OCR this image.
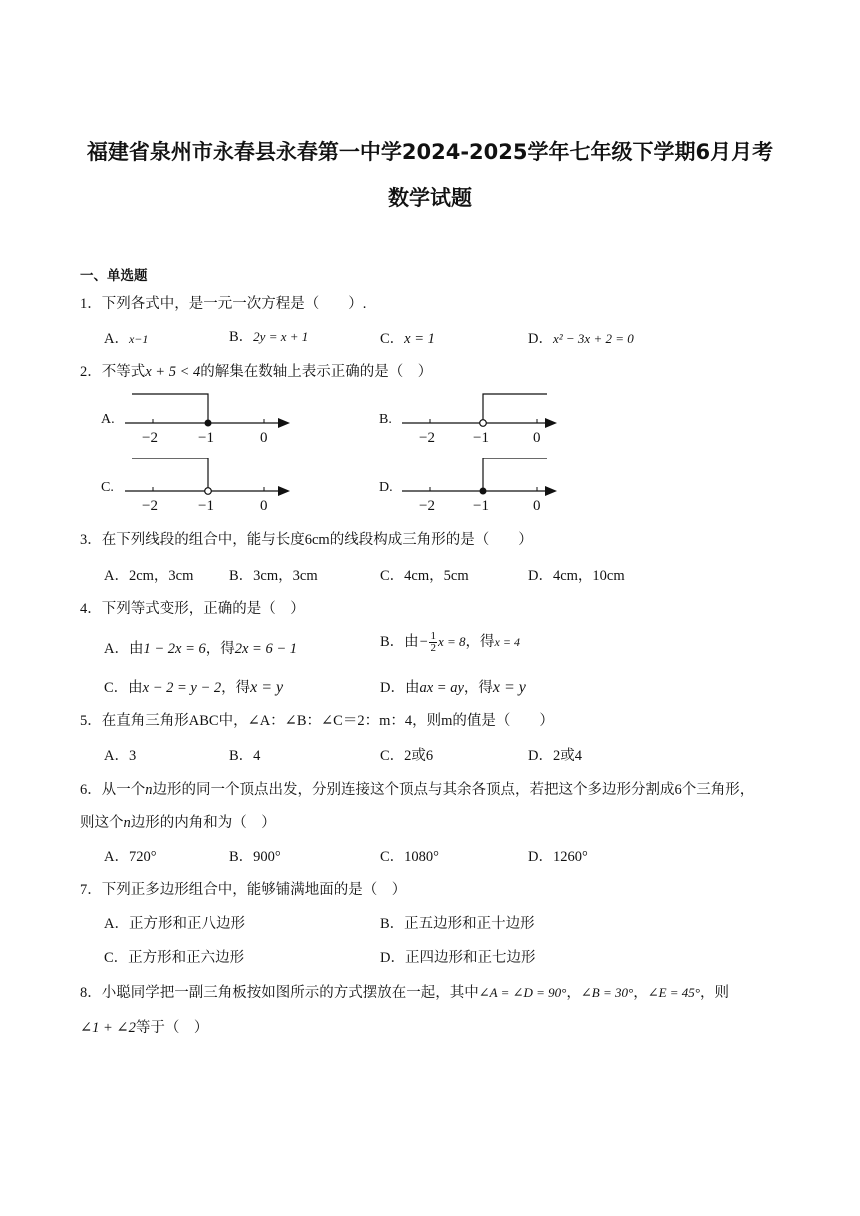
福建省泉州市永春县永春第一中学2024-2025学年七年级下学期6月月考
数学试题
一、单选题
1．下列各式中，是一元一次方程是（　　）.
A．x−1	B．2y = x + 1	C．x = 1	D．x² − 3x + 2 = 0
2．不等式x + 5 < 4的解集在数轴上表示正确的是（　）
A.
−2	−1	0
B.
−2	−1	0
C.
−2	−1	0
D.
−2	−1	0
3．在下列线段的组合中，能与长度6cm的线段构成三角形的是（　　）
A．2cm，3cm B．3cm，3cm	C．4cm，5cm	D．4cm，10cm
4．下列等式变形，正确的是（　）
A．由1 − 2x = 6，得2x = 6 − 1	B．由− $\frac{1}{2}$ x = 8，得x = 4
C．由x − 2 = y − 2，得x = y	D．由ax = ay，得x = y
5．在直角三角形ABC中，∠A：∠B：∠C＝2：m：4，则m的值是（　　）
A．3	B．4	C．2或6	D．2或4
6．从一个n边形的同一个顶点出发，分别连接这个顶点与其余各顶点，若把这个多边形分割成6个三角形，
则这个n边形的内角和为（　）
A．720°	B．900°	C．1080°	D．1260°
7．下列正多边形组合中，能够铺满地面的是（　）
A．正方形和正八边形	B．正五边形和正十边形
C．正方形和正六边形	D．正四边形和正七边形
8．小聪同学把一副三角板按如图所示的方式摆放在一起，其中∠A = ∠D = 90°，∠B = 30°，∠E = 45°，则
∠1 + ∠2等于（　）
